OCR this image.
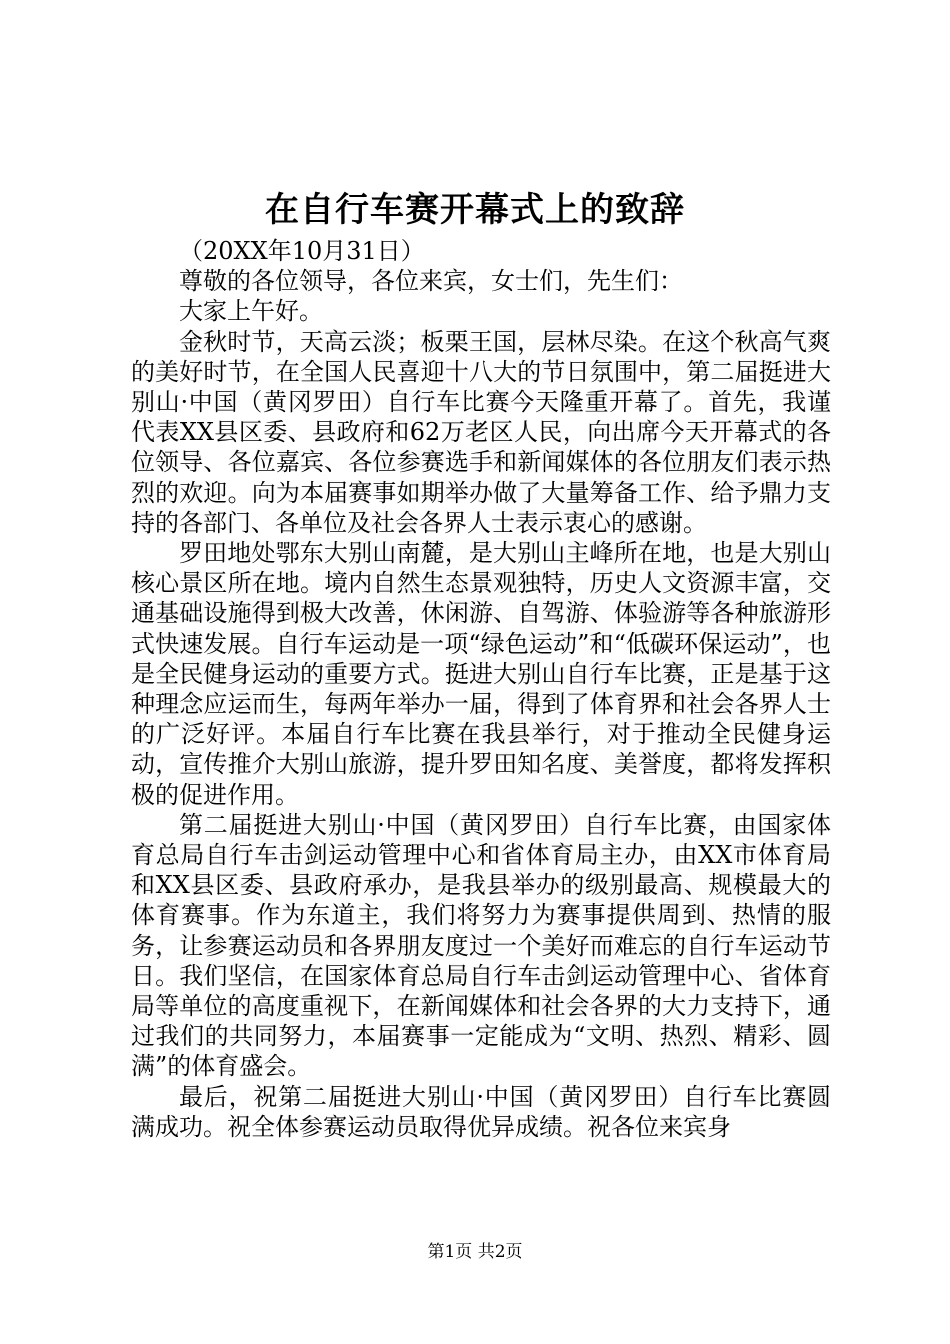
在自行车赛开幕式上的致辞

（20XX年10月31日）

尊敬的各位领导，各位来宾，女士们，先生们：

大家上午好。

金秋时节，天高云淡；板栗王国，层林尽染。在这个秋高气爽的美好时节，在全国人民喜迎十八大的节日氛围中，第二届挺进大别山·中国（黄冈罗田）自行车比赛今天隆重开幕了。首先，我谨代表XX县区委、县政府和62万老区人民，向出席今天开幕式的各位领导、各位嘉宾、各位参赛选手和新闻媒体的各位朋友们表示热烈的欢迎。向为本届赛事如期举办做了大量筹备工作、给予鼎力支持的各部门、各单位及社会各界人士表示衷心的感谢。

罗田地处鄂东大别山南麓，是大别山主峰所在地，也是大别山核心景区所在地。境内自然生态景观独特，历史人文资源丰富，交通基础设施得到极大改善，休闲游、自驾游、体验游等各种旅游形式快速发展。自行车运动是一项“绿色运动”和“低碳环保运动”，也是全民健身运动的重要方式。挺进大别山自行车比赛，正是基于这种理念应运而生，每两年举办一届，得到了体育界和社会各界人士的广泛好评。本届自行车比赛在我县举行，对于推动全民健身运动，宣传推介大别山旅游，提升罗田知名度、美誉度，都将发挥积极的促进作用。

第二届挺进大别山·中国（黄冈罗田）自行车比赛，由国家体育总局自行车击剑运动管理中心和省体育局主办，由XX市体育局和XX县区委、县政府承办，是我县举办的级别最高、规模最大的体育赛事。作为东道主，我们将努力为赛事提供周到、热情的服务，让参赛运动员和各界朋友度过一个美好而难忘的自行车运动节日。我们坚信，在国家体育总局自行车击剑运动管理中心、省体育局等单位的高度重视下，在新闻媒体和社会各界的大力支持下，通过我们的共同努力，本届赛事一定能成为“文明、热烈、精彩、圆满”的体育盛会。

最后，祝第二届挺进大别山·中国（黄冈罗田）自行车比赛圆满成功。祝全体参赛运动员取得优异成绩。祝各位来宾身

第1页 共2页
